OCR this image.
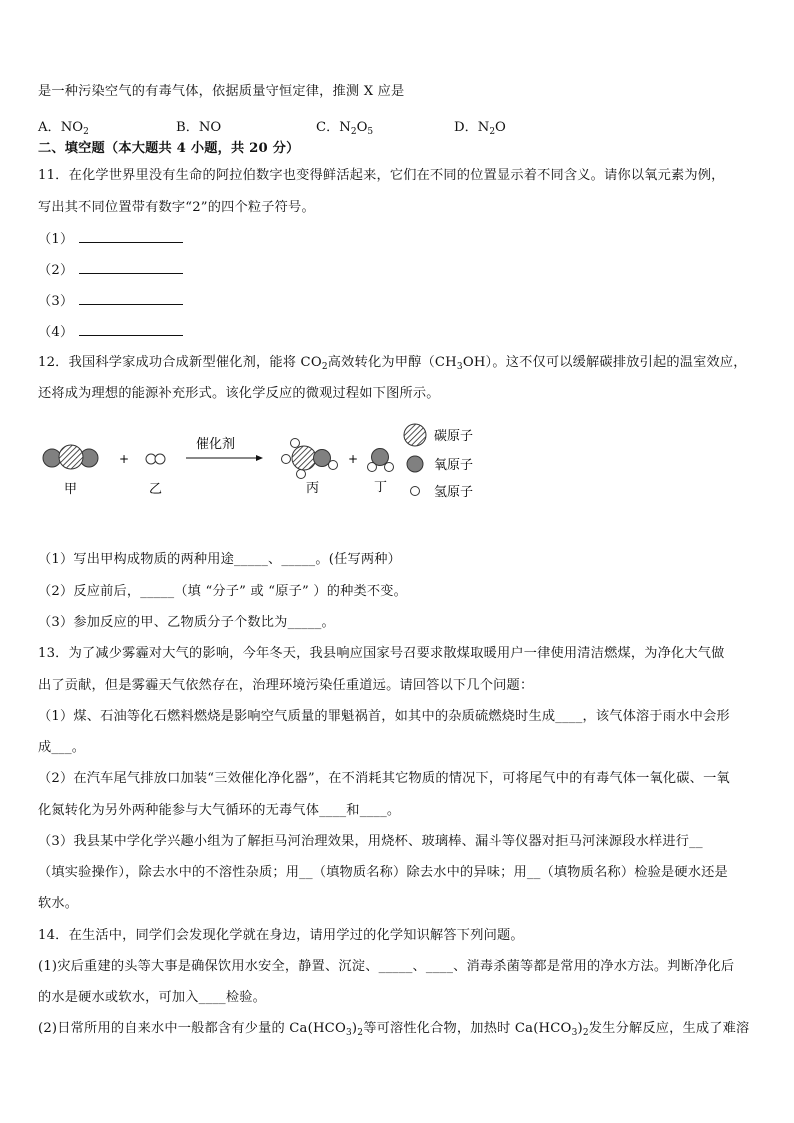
是一种污染空气的有毒气体，依据质量守恒定律，推测 X 应是
A．$NO_2$	B．NO	C．$N_2O_5$	D．$N_2O$
二、填空题（本大题共 4 小题，共 20 分）
11．在化学世界里没有生命的阿拉伯数字也变得鲜活起来，它们在不同的位置显示着不同含义。请你以氧元素为例，
写出其不同位置带有数字“2”的四个粒子符号。
（1）
（2）
（3）
（4）
12．我国科学家成功合成新型催化剂，能将 $CO_2$高效转化为甲醇$(CH_3OH)$。这不仅可以缓解碳排放引起的温室效应，
还将成为理想的能源补充形式。该化学反应的微观过程如下图所示。
+
催化剂
+
甲	乙	丙	丁
碳原子
氧原子
氢原子
（1）写出甲构成物质的两种用途_____、_____。(任写两种）
（2）反应前后，_____（填 “分子” 或 “原子” ）的种类不变。
（3）参加反应的甲、乙物质分子个数比为_____。
13．为了减少雾霾对大气的影响，今年冬天，我县响应国家号召要求散煤取暖用户一律使用清洁燃煤，为净化大气做
出了贡献，但是雾霾天气依然存在，治理环境污染任重道远。请回答以下几个问题：
（1）煤、石油等化石燃料燃烧是影响空气质量的罪魁祸首，如其中的杂质硫燃烧时生成____，该气体溶于雨水中会形
成___。
（2）在汽车尾气排放口加装“三效催化净化器”，在不消耗其它物质的情况下，可将尾气中的有毒气体一氧化碳、一氧
化氮转化为另外两种能参与大气循环的无毒气体____和____。
（3）我县某中学化学兴趣小组为了解拒马河治理效果，用烧杯、玻璃棒、漏斗等仪器对拒马河涞源段水样进行__
（填实验操作），除去水中的不溶性杂质；用__（填物质名称）除去水中的异味；用__（填物质名称）检验是硬水还是
软水。
14．在生活中，同学们会发现化学就在身边，请用学过的化学知识解答下列问题。
(1)灾后重建的头等大事是确保饮用水安全，静置、沉淀、_____、____、消毒杀菌等都是常用的净水方法。判断净化后
的水是硬水或软水，可加入____检验。
(2)日常所用的自来水中一般都含有少量的 $Ca(HCO_3)_2$等可溶性化合物，加热时 $Ca(HCO_3)_2$发生分解反应，生成了难溶
